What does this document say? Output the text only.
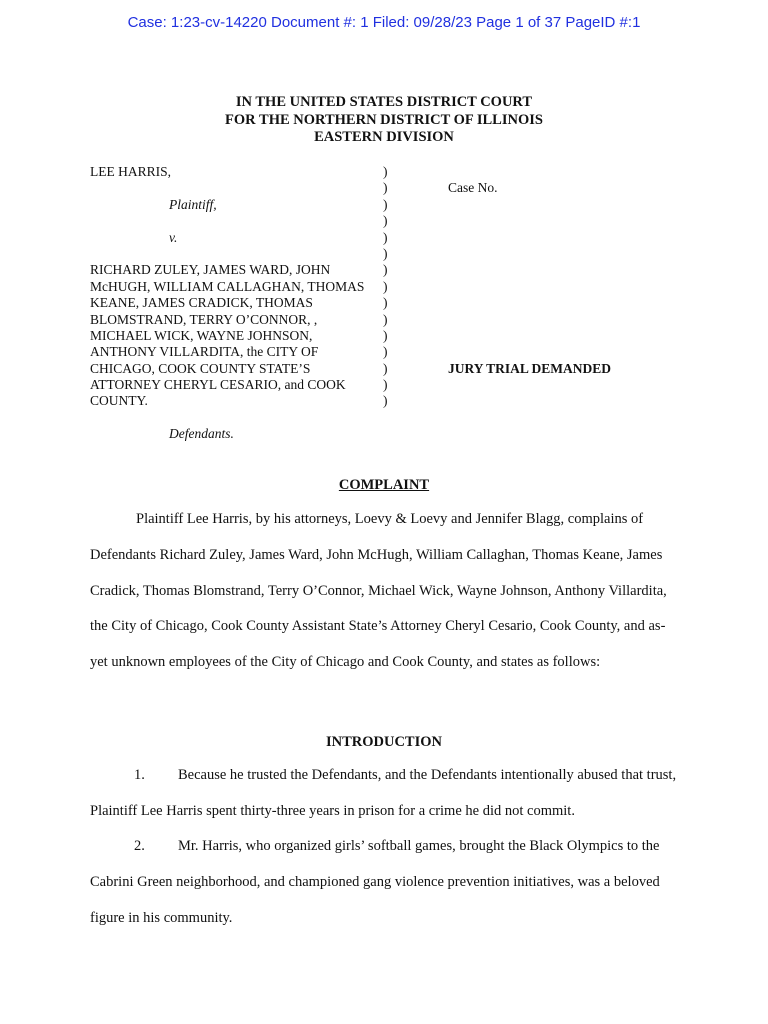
Case: 1:23-cv-14220 Document #: 1 Filed: 09/28/23 Page 1 of 37 PageID #:1
IN THE UNITED STATES DISTRICT COURT
FOR THE NORTHERN DISTRICT OF ILLINOIS
EASTERN DIVISION
LEE HARRIS,
Plaintiff,
v.
RICHARD ZULEY, JAMES WARD, JOHN
McHUGH, WILLIAM CALLAGHAN, THOMAS
KEANE, JAMES CRADICK, THOMAS
BLOMSTRAND, TERRY O’CONNOR, ,
MICHAEL WICK, WAYNE JOHNSON,
ANTHONY VILLARDITA, the CITY OF
CHICAGO, COOK COUNTY STATE’S
ATTORNEY CHERYL CESARIO, and COOK
COUNTY.
)
)
)
)
)
)
)
)
)
)
)
)
)
)
)
Case No.
JURY TRIAL DEMANDED
Defendants.
COMPLAINT
Plaintiff Lee Harris, by his attorneys, Loevy & Loevy and Jennifer Blagg, complains of Defendants Richard Zuley, James Ward, John McHugh, William Callaghan, Thomas Keane, James Cradick, Thomas Blomstrand, Terry O’Connor, Michael Wick, Wayne Johnson, Anthony Villardita, the City of Chicago, Cook County Assistant State’s Attorney Cheryl Cesario, Cook County, and as-yet unknown employees of the City of Chicago and Cook County, and states as follows:
INTRODUCTION
1. Because he trusted the Defendants, and the Defendants intentionally abused that trust, Plaintiff Lee Harris spent thirty-three years in prison for a crime he did not commit.
2. Mr. Harris, who organized girls’ softball games, brought the Black Olympics to the Cabrini Green neighborhood, and championed gang violence prevention initiatives, was a beloved figure in his community.
